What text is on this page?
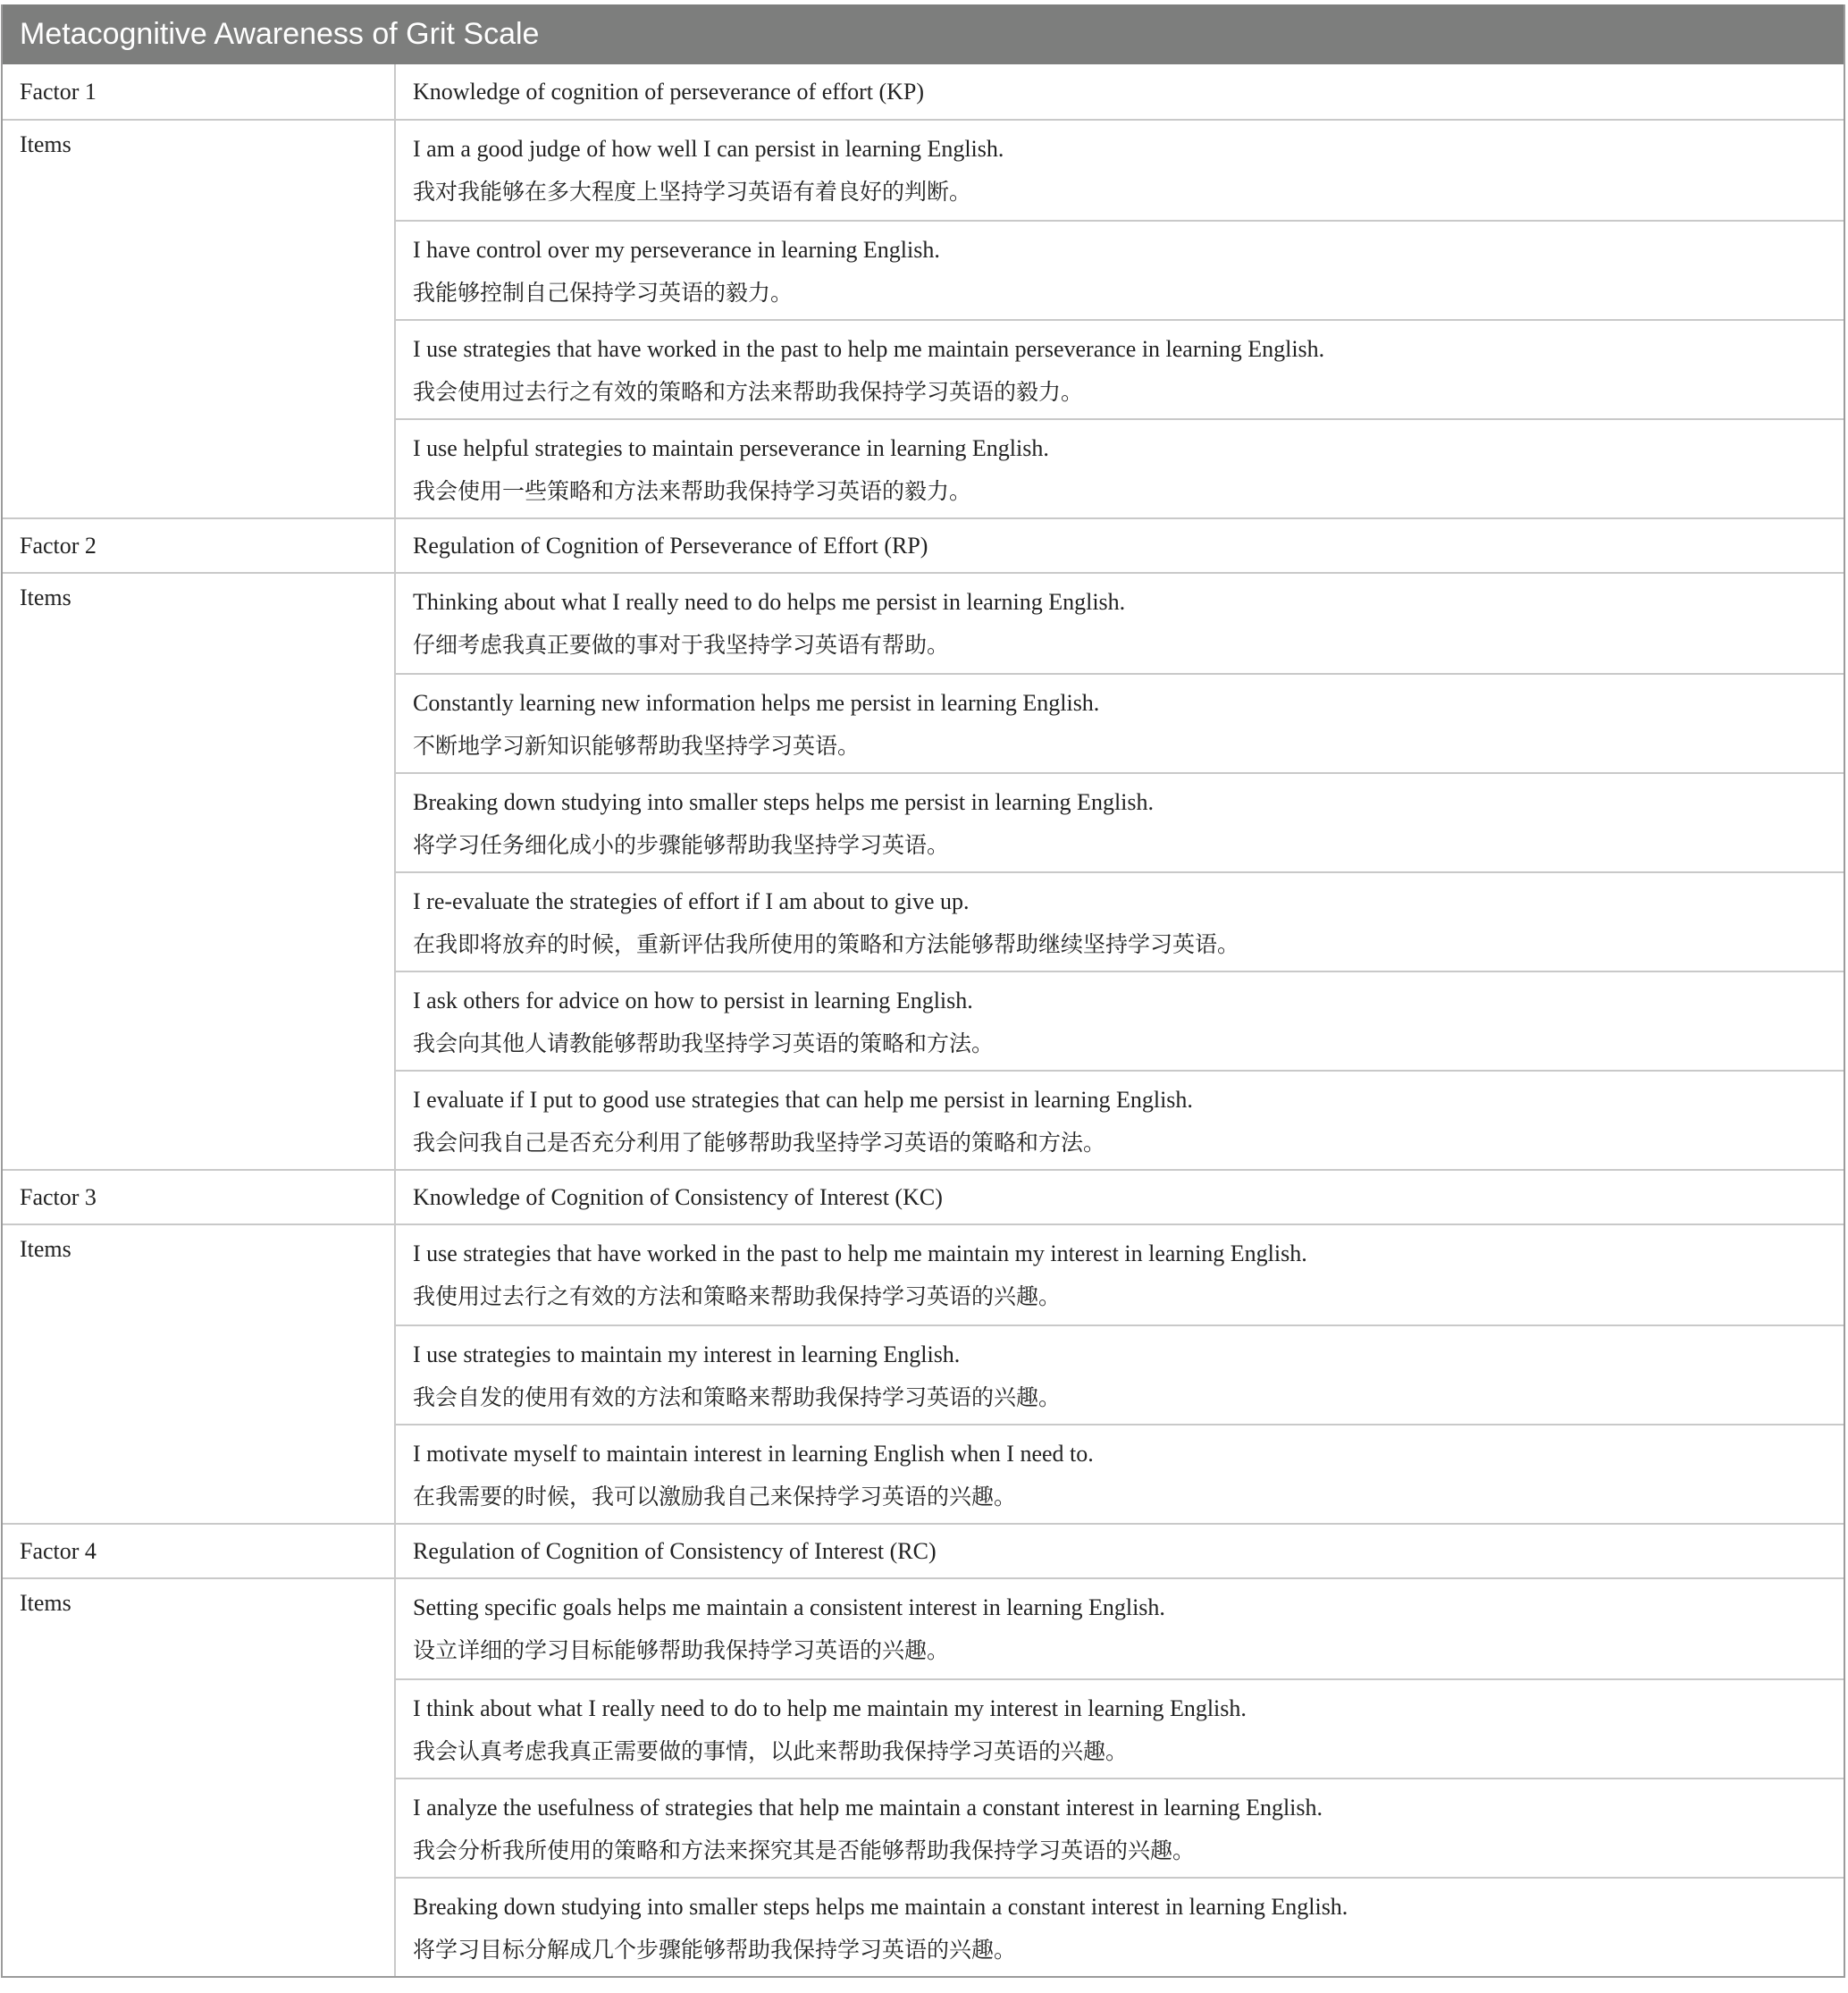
Metacognitive Awareness of Grit Scale
Factor 1	Knowledge of cognition of perseverance of effort (KP)
Items	I am a good judge of how well I can persist in learning English.
我对我能够在多大程度上坚持学习英语有着良好的判断。
I have control over my perseverance in learning English.
我能够控制自己保持学习英语的毅力。
I use strategies that have worked in the past to help me maintain perseverance in learning English.
我会使用过去行之有效的策略和方法来帮助我保持学习英语的毅力。
I use helpful strategies to maintain perseverance in learning English.
我会使用一些策略和方法来帮助我保持学习英语的毅力。
Factor 2	Regulation of Cognition of Perseverance of Effort (RP)
Items	Thinking about what I really need to do helps me persist in learning English.
仔细考虑我真正要做的事对于我坚持学习英语有帮助。
Constantly learning new information helps me persist in learning English.
不断地学习新知识能够帮助我坚持学习英语。
Breaking down studying into smaller steps helps me persist in learning English.
将学习任务细化成小的步骤能够帮助我坚持学习英语。
I re-evaluate the strategies of effort if I am about to give up.
在我即将放弃的时候，重新评估我所使用的策略和方法能够帮助继续坚持学习英语。
I ask others for advice on how to persist in learning English.
我会向其他人请教能够帮助我坚持学习英语的策略和方法。
I evaluate if I put to good use strategies that can help me persist in learning English.
我会问我自己是否充分利用了能够帮助我坚持学习英语的策略和方法。
Factor 3	Knowledge of Cognition of Consistency of Interest (KC)
Items	I use strategies that have worked in the past to help me maintain my interest in learning English.
我使用过去行之有效的方法和策略来帮助我保持学习英语的兴趣。
I use strategies to maintain my interest in learning English.
我会自发的使用有效的方法和策略来帮助我保持学习英语的兴趣。
I motivate myself to maintain interest in learning English when I need to.
在我需要的时候，我可以激励我自己来保持学习英语的兴趣。
Factor 4	Regulation of Cognition of Consistency of Interest (RC)
Items	Setting specific goals helps me maintain a consistent interest in learning English.
设立详细的学习目标能够帮助我保持学习英语的兴趣。
I think about what I really need to do to help me maintain my interest in learning English.
我会认真考虑我真正需要做的事情，以此来帮助我保持学习英语的兴趣。
I analyze the usefulness of strategies that help me maintain a constant interest in learning English.
我会分析我所使用的策略和方法来探究其是否能够帮助我保持学习英语的兴趣。
Breaking down studying into smaller steps helps me maintain a constant interest in learning English.
将学习目标分解成几个步骤能够帮助我保持学习英语的兴趣。
